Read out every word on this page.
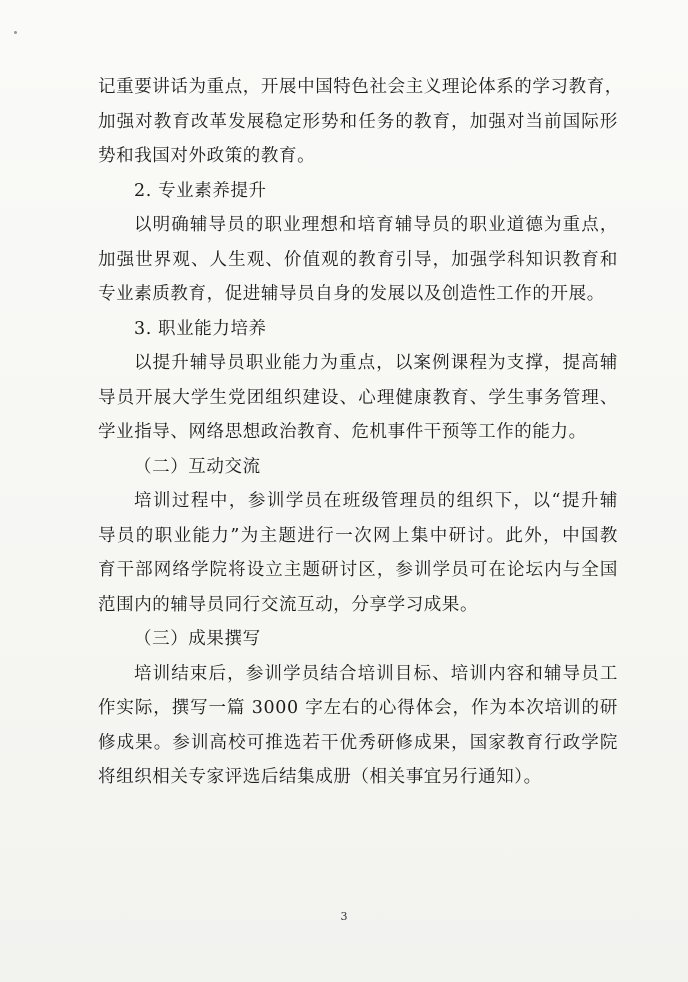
记重要讲话为重点，开展中国特色社会主义理论体系的学习教育，
加强对教育改革发展稳定形势和任务的教育，加强对当前国际形
势和我国对外政策的教育。

2. 专业素养提升

以明确辅导员的职业理想和培育辅导员的职业道德为重点，
加强世界观、人生观、价值观的教育引导，加强学科知识教育和
专业素质教育，促进辅导员自身的发展以及创造性工作的开展。

3. 职业能力培养

以提升辅导员职业能力为重点，以案例课程为支撑，提高辅
导员开展大学生党团组织建设、心理健康教育、学生事务管理、
学业指导、网络思想政治教育、危机事件干预等工作的能力。

（二）互动交流

培训过程中，参训学员在班级管理员的组织下，以“提升辅
导员的职业能力”为主题进行一次网上集中研讨。此外，中国教
育干部网络学院将设立主题研讨区，参训学员可在论坛内与全国
范围内的辅导员同行交流互动，分享学习成果。

（三）成果撰写

培训结束后，参训学员结合培训目标、培训内容和辅导员工
作实际，撰写一篇 3000 字左右的心得体会，作为本次培训的研
修成果。参训高校可推选若干优秀研修成果，国家教育行政学院
将组织相关专家评选后结集成册（相关事宜另行通知）。

3
